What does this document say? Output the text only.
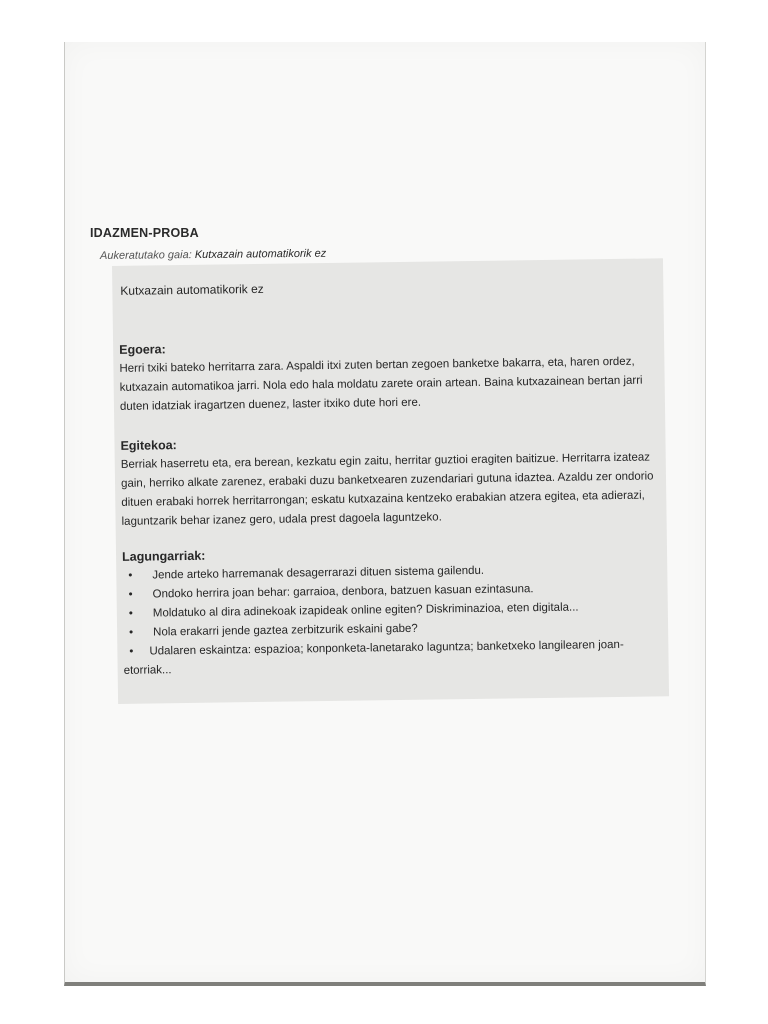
IDAZMEN-PROBA
Aukeratutako gaia: Kutxazain automatikorik ez
Kutxazain automatikorik ez
Egoera:

Herri txiki bateko herritarra zara. Aspaldi itxi zuten bertan zegoen banketxe bakarra, eta, haren ordez, kutxazain automatikoa jarri. Nola edo hala moldatu zarete orain artean. Baina kutxazainean bertan jarri duten idatziak iragartzen duenez, laster itxiko dute hori ere.

Egitekoa:

Berriak haserretu eta, era berean, kezkatu egin zaitu, herritar guztioi eragiten baitizue. Herritarra izateaz gain, herriko alkate zarenez, erabaki duzu banketxearen zuzendariari gutuna idaztea. Azaldu zer ondorio dituen erabaki horrek herritarrongan; eskatu kutxazaina kentzeko erabakian atzera egitea, eta adierazi, laguntzarik behar izanez gero, udala prest dagoela laguntzeko.

Lagungarriak:
• Jende arteko harremanak desagerrarazi dituen sistema gailendu.
• Ondoko herrira joan behar: garraioa, denbora, batzuen kasuan ezintasuna.
• Moldatuko al dira adinekoak izapideak online egiten? Diskriminazioa, eten digitala...
• Nola erakarri jende gaztea zerbitzurik eskaini gabe?
• Udalaren eskaintza: espazioa; konponketa-lanetarako laguntza; banketxeko langilearen joan-etorriak...
